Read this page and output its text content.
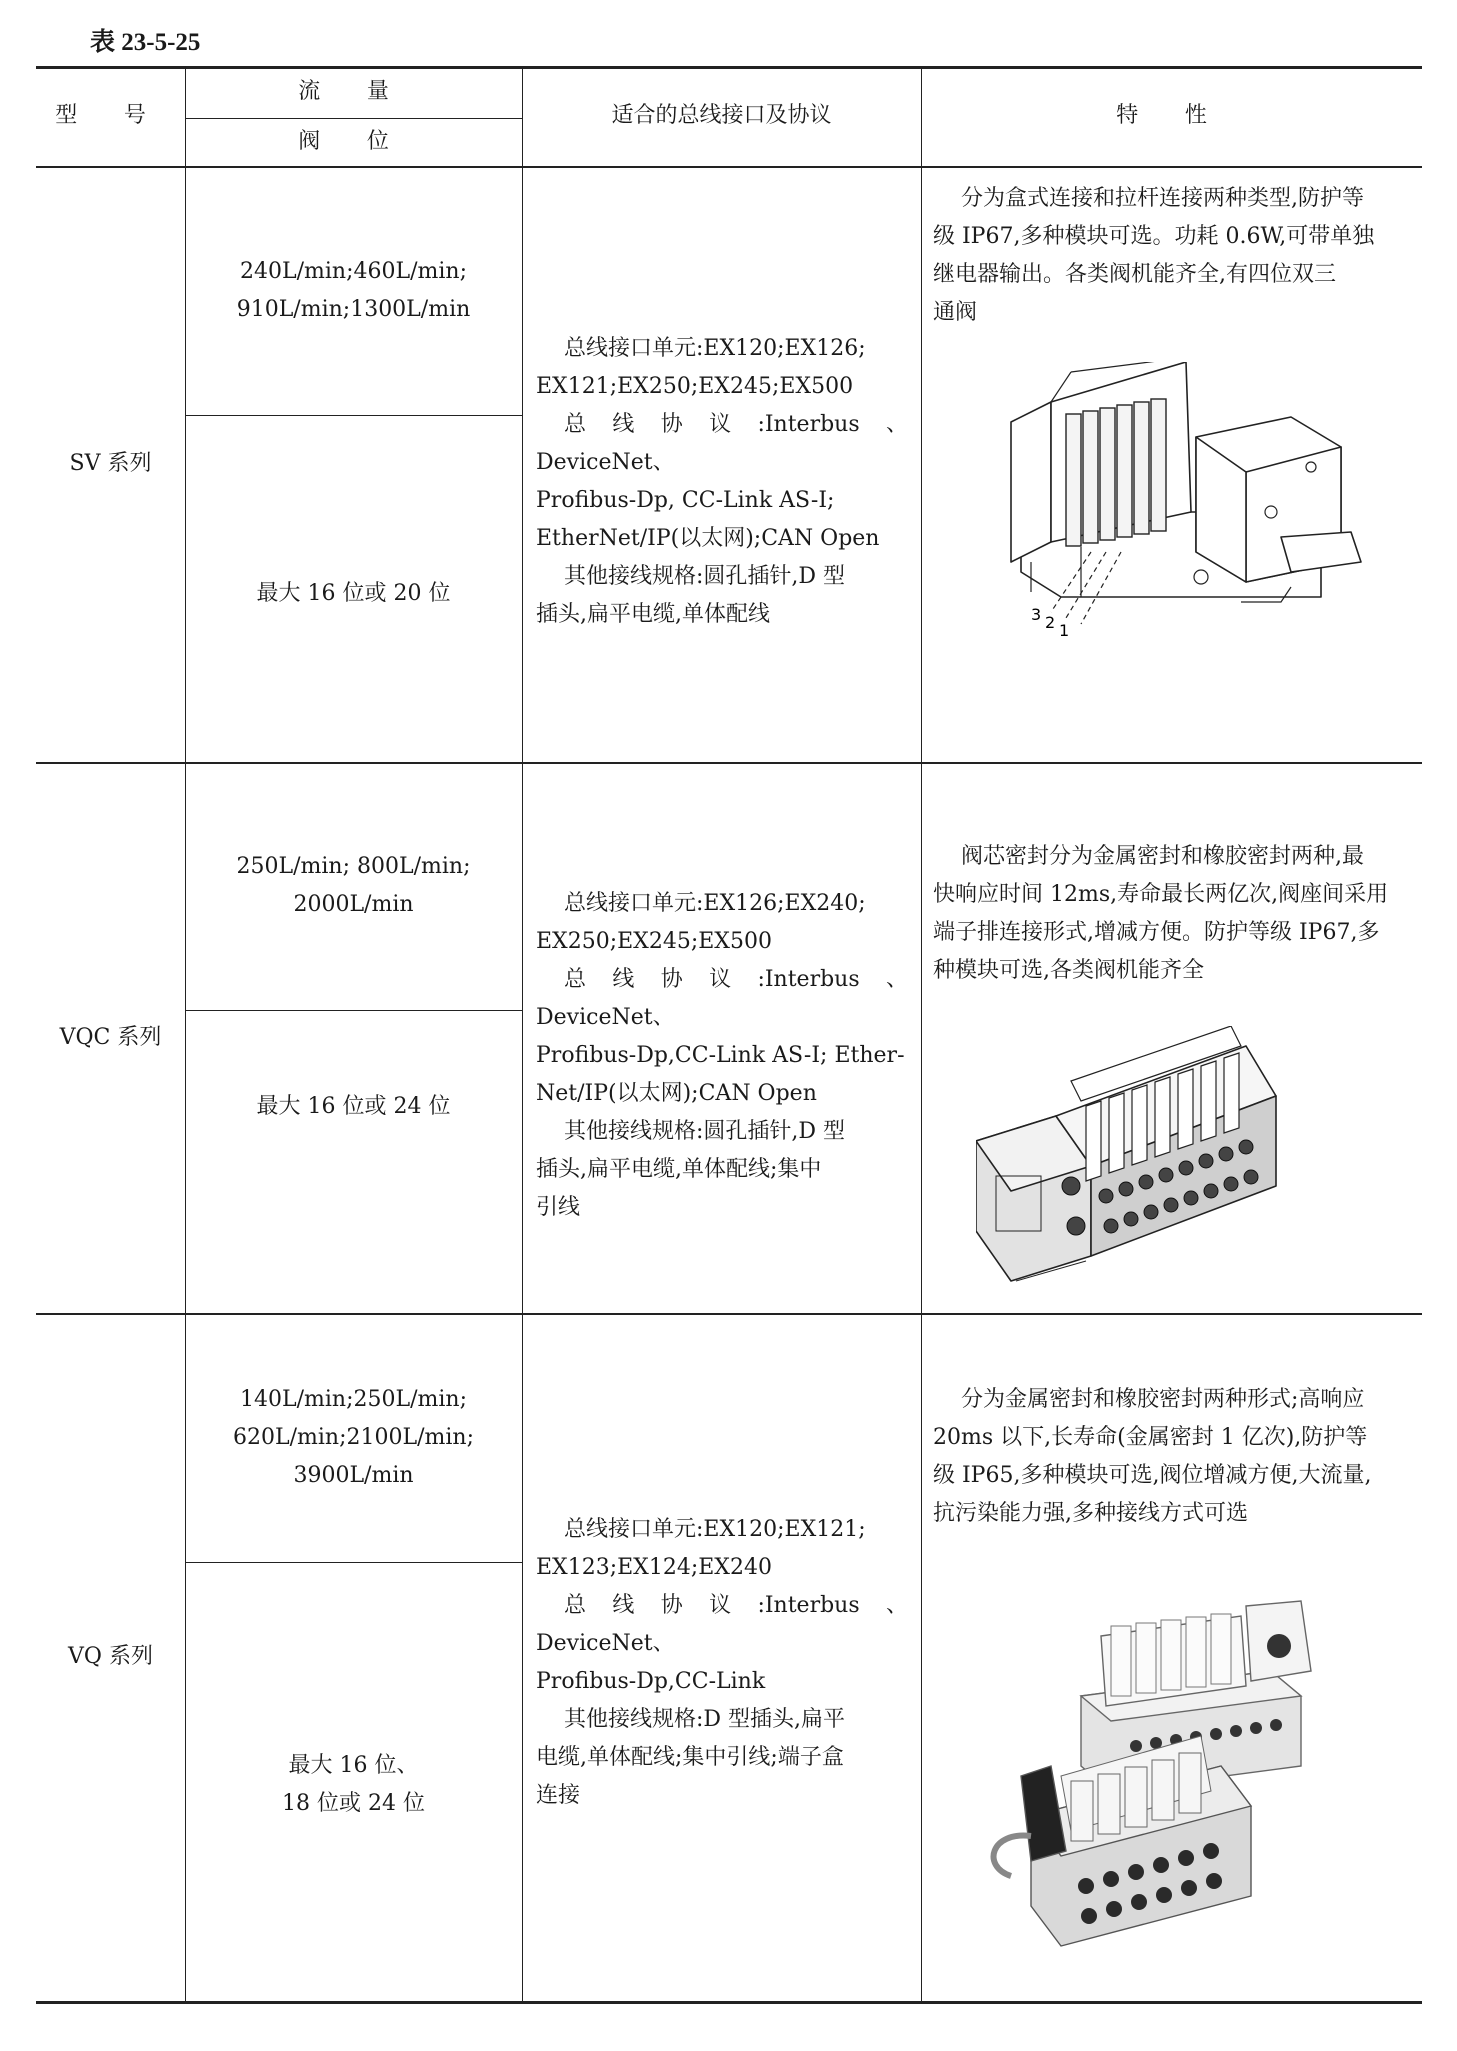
表 23-5-25
型 号
流 量
阀 位
适合的总线接口及协议	特 性
SV 系列
240L/min;460L/min;
910L/min;1300L/min
最大 16 位或 20 位
总线接口单元:EX120;EX126;
EX121;EX250;EX245;EX500
总线协议:Interbus、DeviceNet、
Profibus-Dp, CC-Link AS-I;
EtherNet/IP(以太网);CAN Open
其他接线规格:圆孔插针,D 型
插头,扁平电缆,单体配线
分为盒式连接和拉杆连接两种类型,防护等
级 IP67,多种模块可选。功耗 0.6W,可带单独
继电器输出。各类阀机能齐全,有四位双三
通阀
3 2 1
VQC 系列
250L/min; 800L/min;
2000L/min
最大 16 位或 24 位
总线接口单元:EX126;EX240;
EX250;EX245;EX500
总线协议:Interbus、DeviceNet、
Profibus-Dp,CC-Link AS-I; Ether-
Net/IP(以太网);CAN Open
其他接线规格:圆孔插针,D 型
插头,扁平电缆,单体配线;集中
引线
阀芯密封分为金属密封和橡胶密封两种,最
快响应时间 12ms,寿命最长两亿次,阀座间采用
端子排连接形式,增减方便。防护等级 IP67,多
种模块可选,各类阀机能齐全
VQ 系列
140L/min;250L/min;
620L/min;2100L/min;
3900L/min
最大 16 位、
18 位或 24 位
总线接口单元:EX120;EX121;
EX123;EX124;EX240
总线协议:Interbus、DeviceNet、
Profibus-Dp,CC-Link
其他接线规格:D 型插头,扁平
电缆,单体配线;集中引线;端子盒
连接
分为金属密封和橡胶密封两种形式;高响应
20ms 以下,长寿命(金属密封 1 亿次),防护等
级 IP65,多种模块可选,阀位增减方便,大流量,
抗污染能力强,多种接线方式可选
